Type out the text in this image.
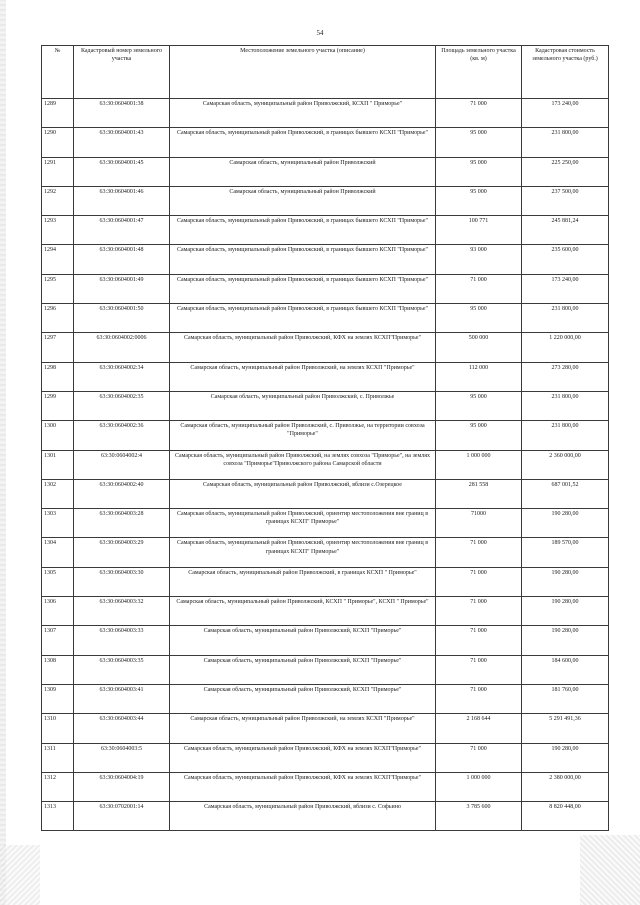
54
№	Кадастровый номер земельного участка	Местоположение земельного участка (описание)	Площадь земельного участка (кв. м)	Кадастровая стоимость земельного участка (руб.)
1289	63:30:0604001:38	Самарская область, муниципальный район Приволжский, КСХП " Приморье"	71 000	173 240,00
1290	63:30:0604001:43	Самарская область, муниципальный район Приволжский, в границах бывшего КСХП "Приморье"	95 000	231 800,00
1291	63:30:0604001:45	Самарская область, муниципальный район Приволжский	95 000	225 250,00
1292	63:30:0604001:46	Самарская область, муниципальный район Приволжский	95 000	237 500,00
1293	63:30:0604001:47	Самарская область, муниципальный район Приволжский, в границах бывшего КСХП "Приморье"	100 771	245 881,24
1294	63:30:0604001:48	Самарская область, муниципальный район Приволжский, в границах бывшего КСХП "Приморье"	93 000	235 600,00
1295	63:30:0604001:49	Самарская область, муниципальный район Приволжский, в границах бывшего КСХП "Приморье"	71 000	173 240,00
1296	63:30:0604001:50	Самарская область, муниципальный район Приволжский, в границах бывшего КСХП "Приморье"	95 000	231 800,00
1297	63:30:0604002:0006	Самарская область, муниципальный район Приволжский, КФХ на землях КСХП"Приморье"	500 000	1 220 000,00
1298	63:30:0604002:34	Самарская область, муниципальный район Приволжский, на землях КСХП "Приморье"	112 000	273 280,00
1299	63:30:0604002:35	Самарская область, муниципальный район Приволжский, с. Приволжье	95 000	231 800,00
1300	63:30:0604002:36	Самарская область, муниципальный район Приволжский, с. Приволжье, на территории совхоза "Приморье"	95 000	231 800,00
1301	63:30:0604002:4	Самарская область, муниципальный район Приволжский, на землях совхоза "Приморье", на землях совхоза "Приморье"Приволжского района Самарской области	1 000 000	2 360 000,00
1302	63:30:0604002:40	Самарская область, муниципальный район Приволжский, вблизи с.Озерецкое	281 558	687 001,52
1303	63:30:0604003:28	Самарская область, муниципальный район Приволжский, ориентир местоположения вне границ в границах КСХП" Приморье"	71000	190 280,00
1304	63:30:0604003:29	Самарская область, муниципальный район Приволжский, ориентир местоположения вне границ в границах КСХП" Приморье"	71 000	189 570,00
1305	63:30:0604003:30	Самарская область, муниципальный район Приволжский, в границах КСХП " Приморье"	71 000	190 280,00
1306	63:30:0604003:32	Самарская область, муниципальный район Приволжский, КСХП " Приморье", КСХП " Приморье"	71 000	190 280,00
1307	63:30:0604003:33	Самарская область, муниципальный район Приволжский, КСХП "Приморье"	71 000	190 280,00
1308	63:30:0604003:35	Самарская область, муниципальный район Приволжский, КСХП "Приморье"	71 000	184 600,00
1309	63:30:0604003:41	Самарская область, муниципальный район Приволжский, КСХП "Приморье"	71 000	181 760,00
1310	63:30:0604003:44	Самарская область, муниципальный район Приволжский, на землях КСХП "Приморье"	2 168 644	5 291 491,36
1311	63:30:0604003:5	Самарская область, муниципальный район Приволжский, КФХ на землях КСХП"Приморье"	71 000	190 280,00
1312	63:30:0604004:19	Самарская область, муниципальный район Приволжский, КФХ на землях КСХП"Приморье"	1 000 000	2 380 000,00
1313	63:30:0702001:14	Самарская область, муниципальный район Приволжский, вблизи с. Софьино	3 785 600	8 820 448,00
